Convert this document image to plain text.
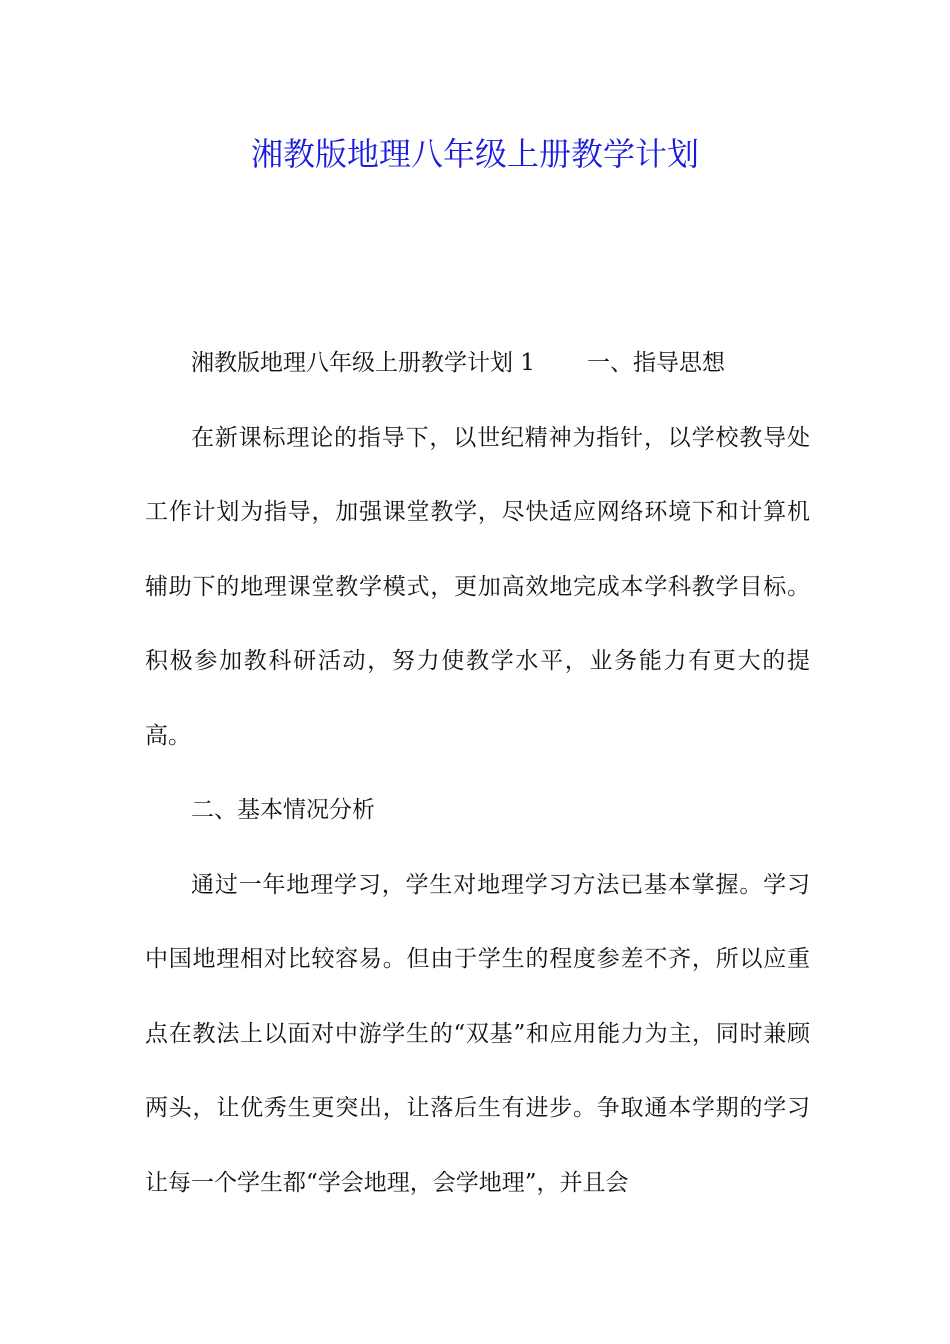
湘教版地理八年级上册教学计划

湘教版地理八年级上册教学计划 1 一、指导思想

在新课标理论的指导下，以世纪精神为指针，以学校教导处工作计划为指导，加强课堂教学，尽快适应网络环境下和计算机辅助下的地理课堂教学模式，更加高效地完成本学科教学目标。积极参加教科研活动，努力使教学水平，业务能力有更大的提高。

二、基本情况分析

通过一年地理学习，学生对地理学习方法已基本掌握。学习中国地理相对比较容易。但由于学生的程度参差不齐，所以应重点在教法上以面对中游学生的“双基”和应用能力为主，同时兼顾两头，让优秀生更突出，让落后生有进步。争取通本学期的学习让每一个学生都“学会地理，会学地理”，并且会
